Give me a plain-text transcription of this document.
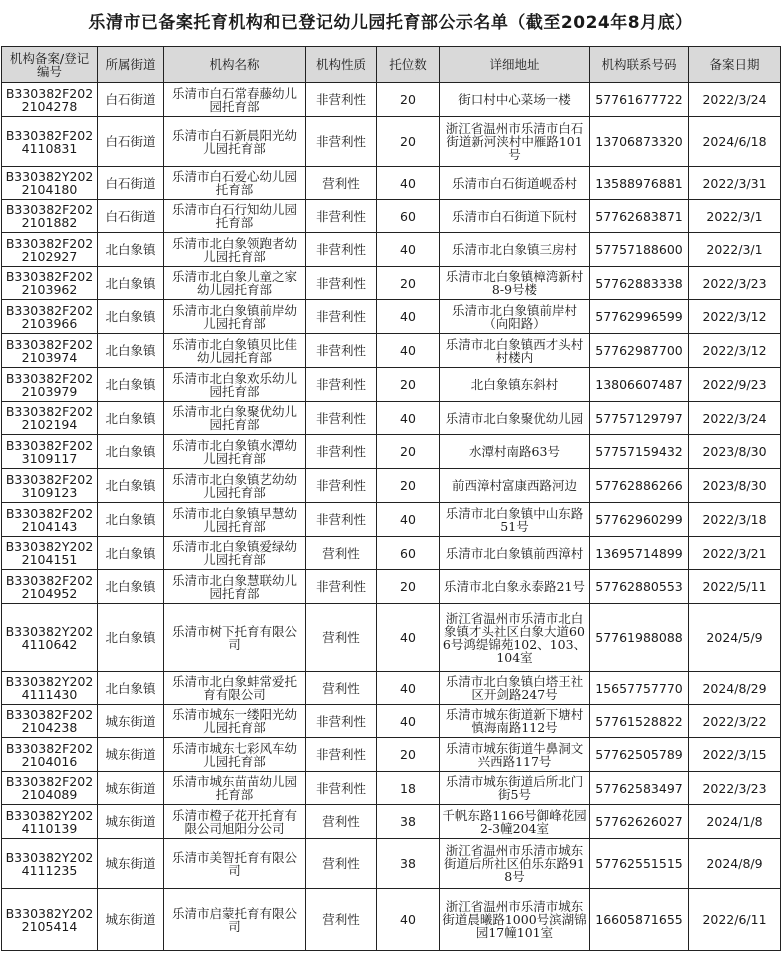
乐清市已备案托育机构和已登记幼儿园托育部公示名单（截至2024年8月底）
机构备案/登记编号	所属街道	机构名称	机构性质	托位数	详细地址	机构联系号码	备案日期
B330382F2022104278	白石街道	乐清市白石常春藤幼儿园托育部	非营利性	20	街口村中心菜场一楼	57761677722	2022/3/24
B330382F2024110831	白石街道	乐清市白石新晨阳光幼儿园托育部	非营利性	20	浙江省温州市乐清市白石街道新河浃村中雁路101号	13706873320	2024/6/18
B330382Y2022104180	白石街道	乐清市白石爱心幼儿园托育部	营利性	40	乐清市白石街道岘岙村	13588976881	2022/3/31
B330382F2022101882	白石街道	乐清市白石行知幼儿园托育部	非营利性	60	乐清市白石街道下阮村	57762683871	2022/3/1
B330382F2022102927	北白象镇	乐清市北白象领跑者幼儿园托育部	非营利性	40	乐清市北白象镇三房村	57757188600	2022/3/1
B330382F2022103962	北白象镇	乐清市北白象儿童之家幼儿园托育部	非营利性	20	乐清市北白象镇樟湾新村8-9号楼	57762883338	2022/3/23
B330382F2022103966	北白象镇	乐清市北白象镇前岸幼儿园托育部	非营利性	40	乐清市北白象镇前岸村（向阳路）	57762996599	2022/3/12
B330382F2022103974	北白象镇	乐清市北白象镇贝比佳幼儿园托育部	非营利性	40	乐清市北白象镇西才头村村楼内	57762987700	2022/3/12
B330382F2022103979	北白象镇	乐清市北白象欢乐幼儿园托育部	非营利性	20	北白象镇东斜村	13806607487	2022/9/23
B330382F2022102194	北白象镇	乐清市北白象聚优幼儿园托育部	非营利性	40	乐清市北白象聚优幼儿园	57757129797	2022/3/24
B330382F2023109117	北白象镇	乐清市北白象镇水潭幼儿园托育部	非营利性	20	水潭村南路63号	57757159432	2023/8/30
B330382F2023109123	北白象镇	乐清市北白象镇艺幼幼儿园托育部	非营利性	20	前西漳村富康西路河边	57762886266	2023/8/30
B330382F2022104143	北白象镇	乐清市北白象镇早慧幼儿园托育部	非营利性	40	乐清市北白象镇中山东路51号	57762960299	2022/3/18
B330382Y2022104151	北白象镇	乐清市北白象镇爱绿幼儿园托育部	营利性	60	乐清市北白象镇前西漳村	13695714899	2022/3/21
B330382F2022104952	北白象镇	乐清市北白象慧联幼儿园托育部	非营利性	20	乐清市北白象永泰路21号	57762880553	2022/5/11
B330382Y2024110642	北白象镇	乐清市树下托育有限公司	营利性	40	浙江省温州市乐清市北白象镇才头社区白象大道606号鸿缇锦苑102、103、104室	57761988088	2024/5/9
B330382Y2024111430	北白象镇	乐清市北白象蚌常爱托育有限公司	营利性	40	乐清市北白象镇白塔王社区开剑路247号	15657757770	2024/8/29
B330382F2022104238	城东街道	乐清市城东一缕阳光幼儿园托育部	非营利性	40	乐清市城东街道新下塘村慎海南路112号	57761528822	2022/3/22
B330382F2022104016	城东街道	乐清市城东七彩风车幼儿园托育部	非营利性	20	乐清市城东街道牛鼻洞文兴西路117号	57762505789	2022/3/15
B330382F2022104089	城东街道	乐清市城东苗苗幼儿园托育部	非营利性	18	乐清市城东街道后所北门街5号	57762583497	2022/3/23
B330382Y2024110139	城东街道	乐清市橙子花开托育有限公司旭阳分公司	营利性	38	千帆东路1166号御峰花园2-3幢204室	57762626027	2024/1/8
B330382Y2024111235	城东街道	乐清市美智托育有限公司	营利性	38	浙江省温州市乐清市城东街道后所社区伯乐东路918号	57762551515	2024/8/9
B330382Y2022105414	城东街道	乐清市启蒙托育有限公司	营利性	40	浙江省温州市乐清市城东街道晨曦路1000号滨湖锦园17幢101室	16605871655	2022/6/11
